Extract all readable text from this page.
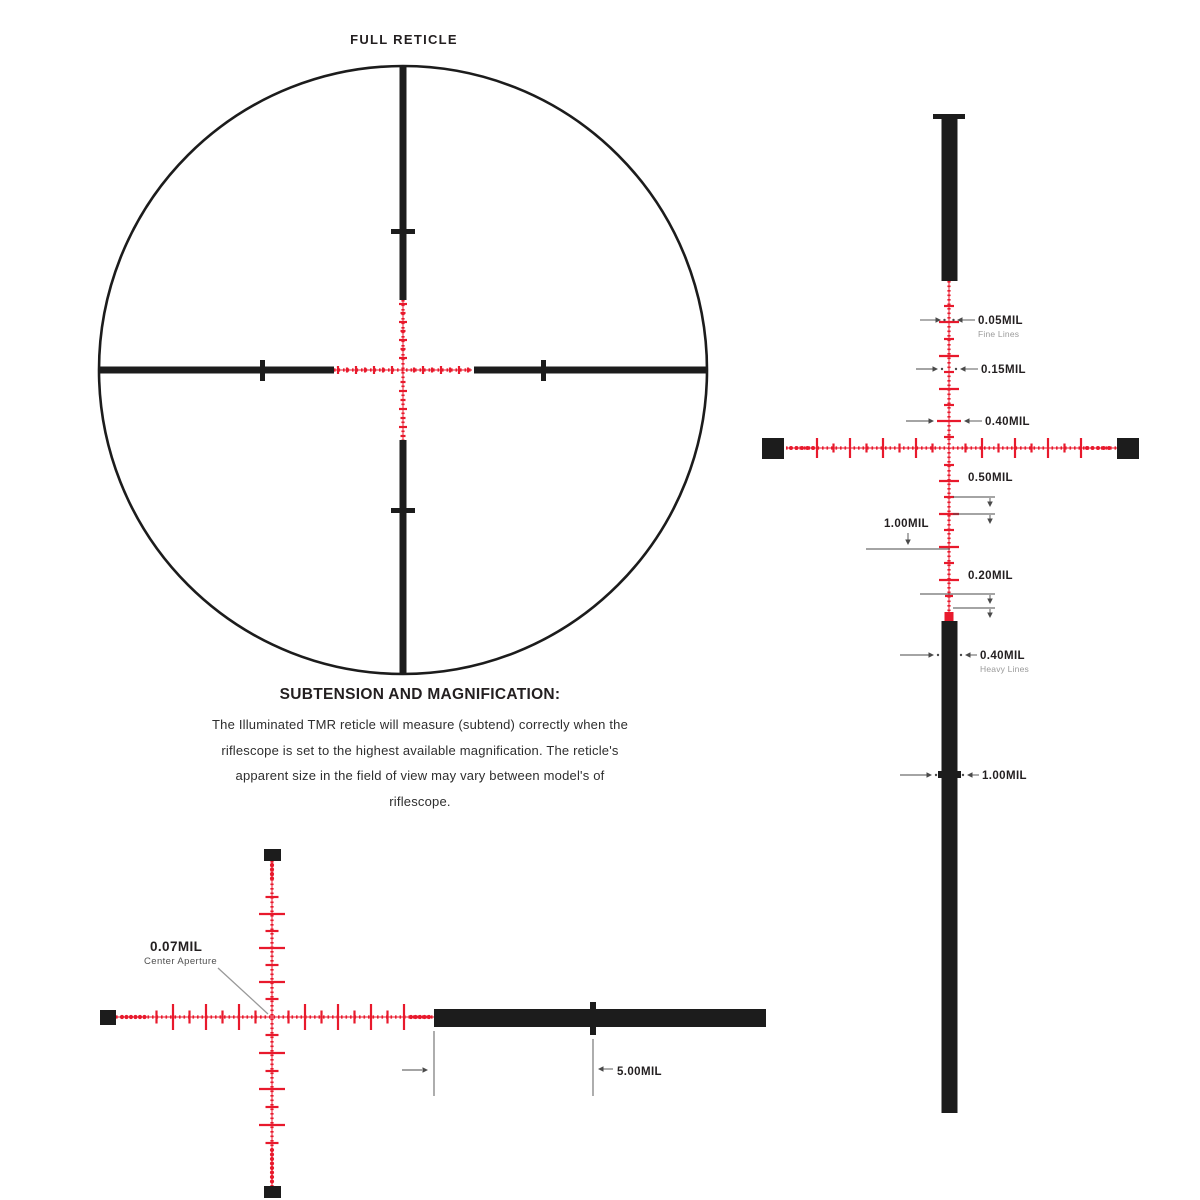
FULL RETICLE
0.05MIL
Fine Lines
0.15MIL
0.40MIL
0.50MIL
1.00MIL
0.20MIL
0.40MIL
Heavy Lines
1.00MIL
0.07MIL
Center Aperture
5.00MIL
SUBTENSION AND MAGNIFICATION:
The Illuminated TMR reticle will measure (subtend) correctly when the
riflescope is set to the highest available magnification. The reticle's
apparent size in the field of view may vary between model's of
riflescope.
